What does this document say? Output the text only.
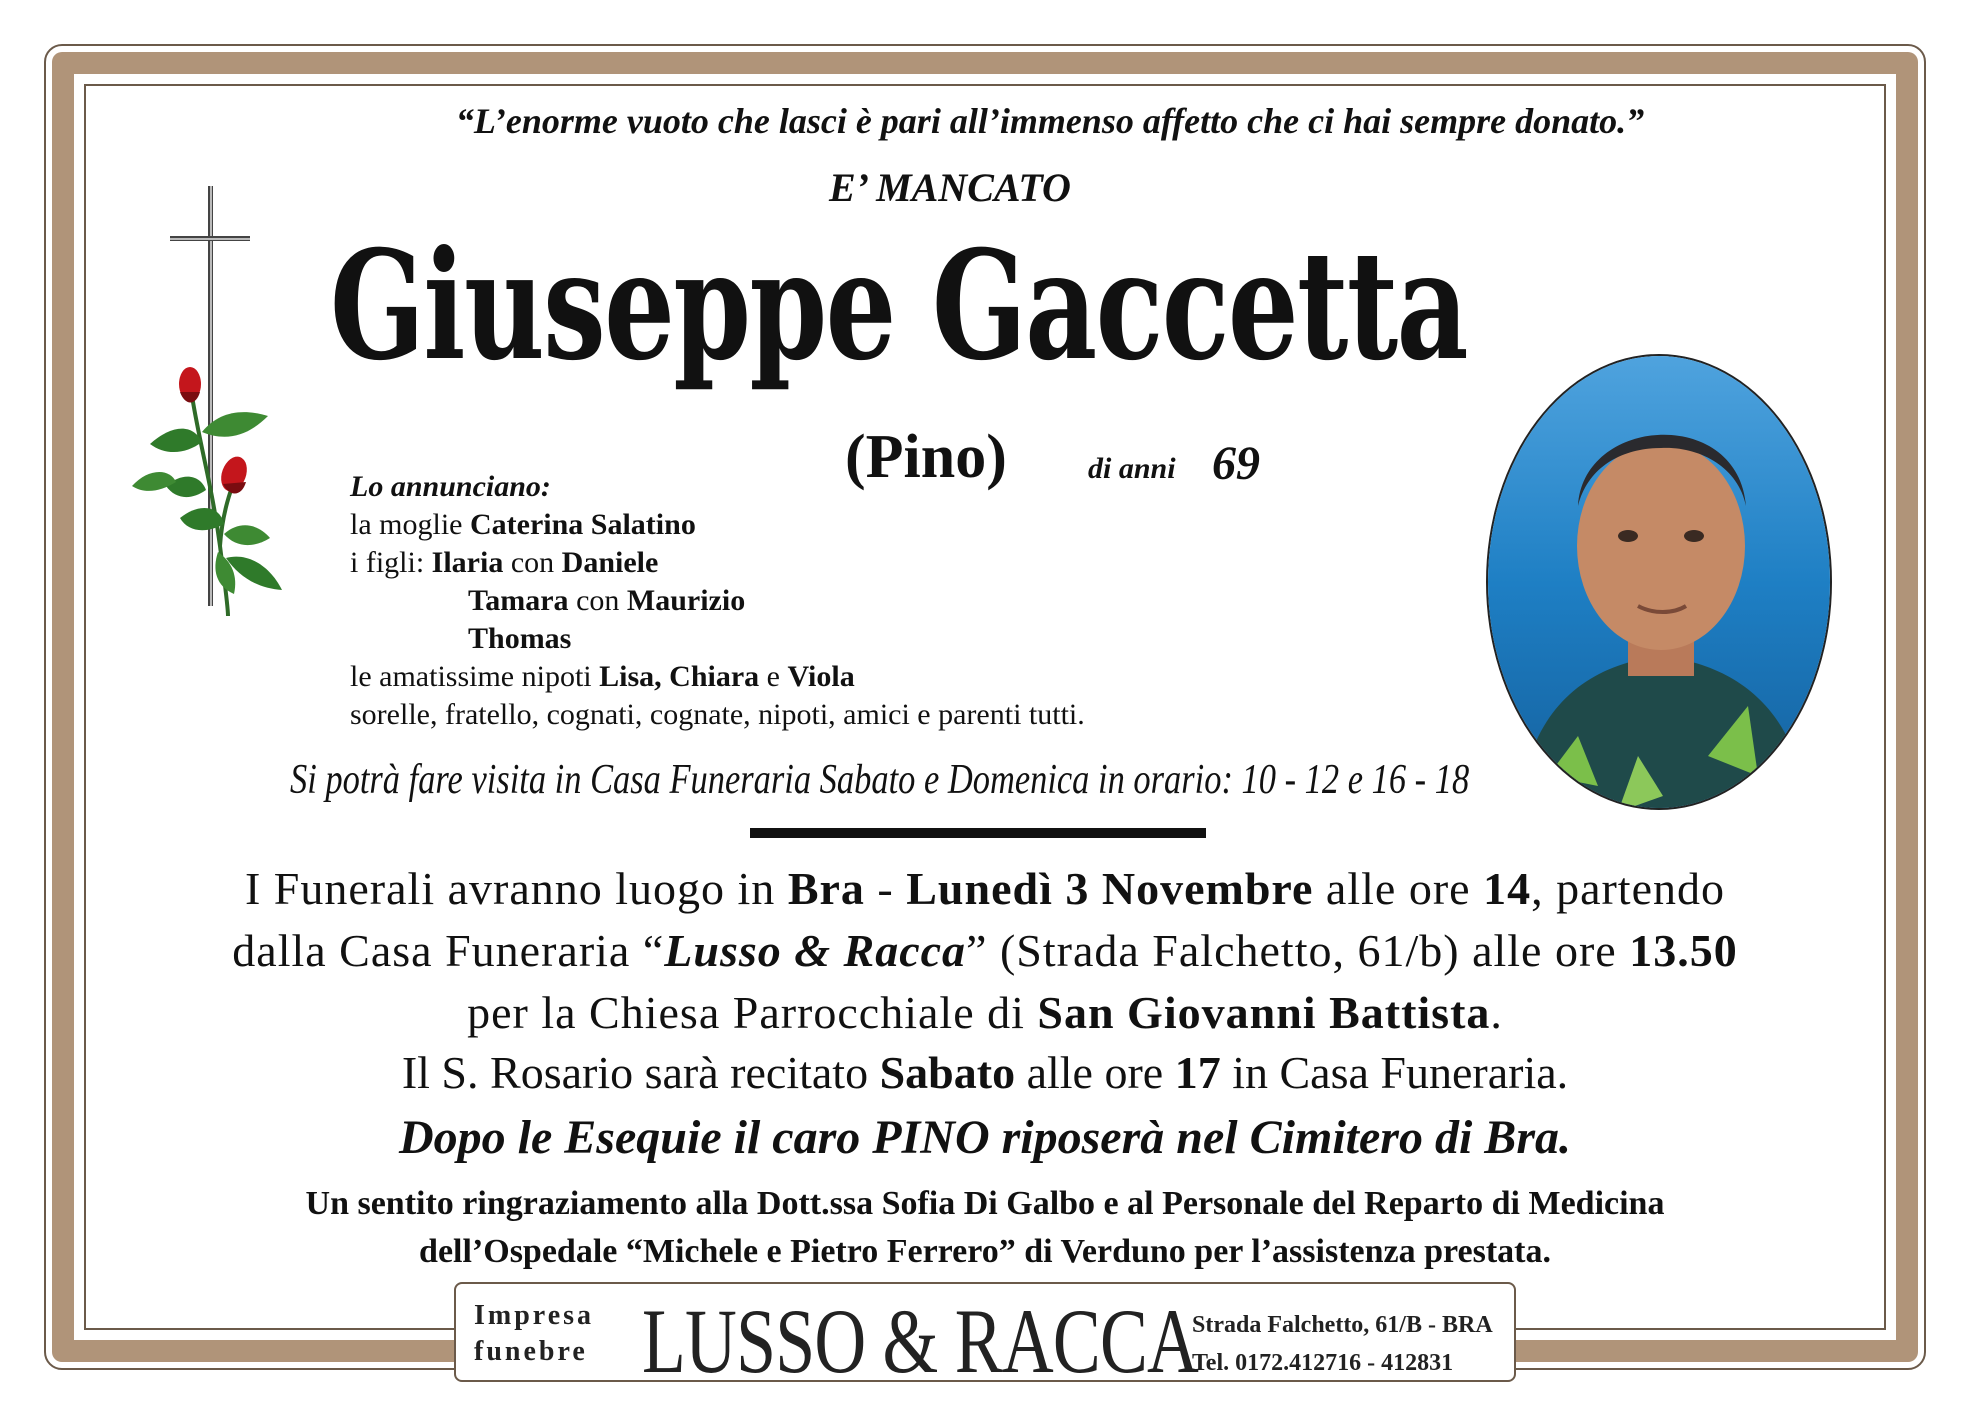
“L’enorme vuoto che lasci è pari all’immenso affetto che ci hai sempre donato.”
E’ MANCATO
Giuseppe Gaccetta
(Pino)	di anni 69
Lo annunciano:
la moglie Caterina Salatino
i figli: Ilaria con Daniele
Tamara con Maurizio
Thomas
le amatissime nipoti Lisa, Chiara e Viola
sorelle, fratello, cognati, cognate, nipoti, amici e parenti tutti.
Si potrà fare visita in Casa Funeraria Sabato e Domenica in orario: 10 - 12 e 16 - 18
I Funerali avranno luogo in Bra - Lunedì 3 Novembre alle ore 14, partendo
dalla Casa Funeraria “Lusso & Racca” (Strada Falchetto, 61/b) alle ore 13.50
per la Chiesa Parrocchiale di San Giovanni Battista.
Il S. Rosario sarà recitato Sabato alle ore 17 in Casa Funeraria.
Dopo le Esequie il caro PINO riposerà nel Cimitero di Bra.
Un sentito ringraziamento alla Dott.ssa Sofia Di Galbo e al Personale del Reparto di Medicina
dell’Ospedale “Michele e Pietro Ferrero” di Verduno per l’assistenza prestata.
Impresa
funebre LUSSO & RACCA
Strada Falchetto, 61/B - BRA
Tel. 0172.412716 - 412831
